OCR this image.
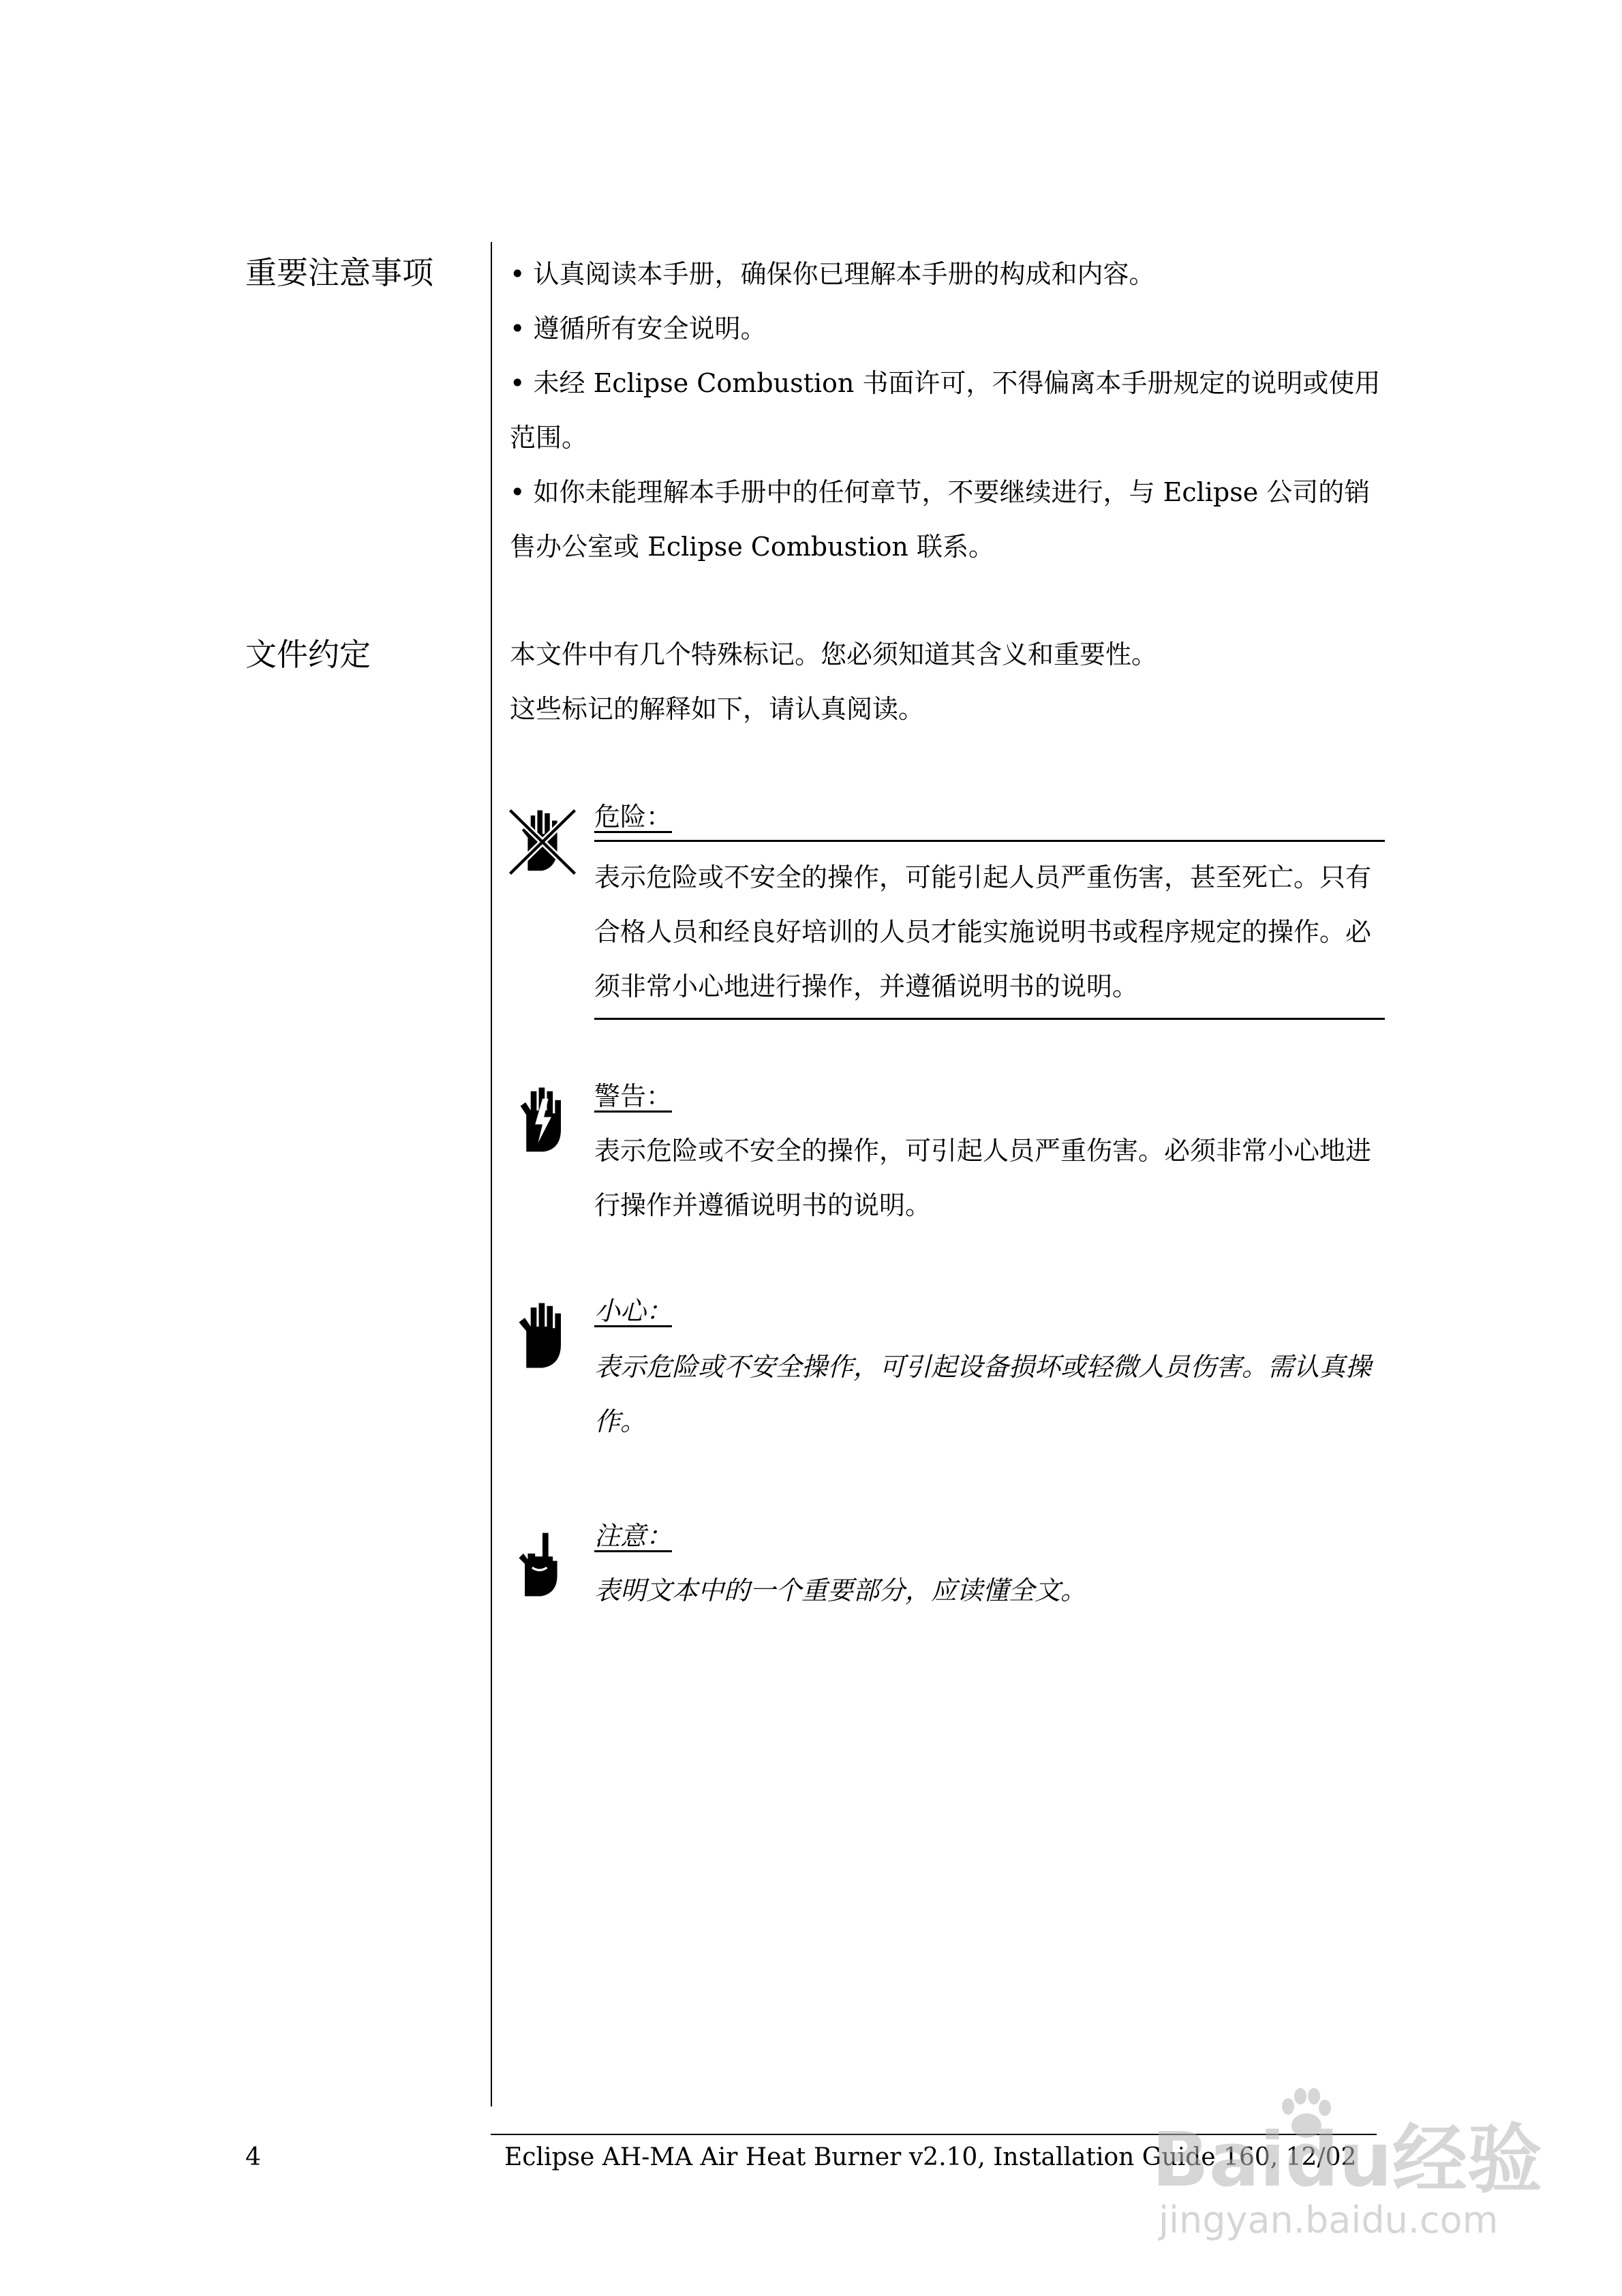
重要注意事项	• 认真阅读本手册，确保你已理解本手册的构成和内容。

• 遵循所有安全说明。

• 未经 Eclipse Combustion 书面许可，不得偏离本手册规定的说明或使用范围。

• 如你未能理解本手册中的任何章节，不要继续进行，与 Eclipse 公司的销售办公室或 Eclipse Combustion 联系。

文件约定	本文件中有几个特殊标记。您必须知道其含义和重要性。

这些标记的解释如下，请认真阅读。

危险：
表示危险或不安全的操作，可能引起人员严重伤害，甚至死亡。只有合格人员和经良好培训的人员才能实施说明书或程序规定的操作。必须非常小心地进行操作，并遵循说明书的说明。
警告：
表示危险或不安全的操作，可引起人员严重伤害。必须非常小心地进行操作并遵循说明书的说明。
小心：
表示危险或不安全操作，可引起设备损坏或轻微人员伤害。需认真操作。
注意：
表明文本中的一个重要部分，应读懂全文。
4	Eclipse AH-MA Air Heat Burner v2.10, Installation Guide 160, 12/02
Baidu经验
jingyan.baidu.com
